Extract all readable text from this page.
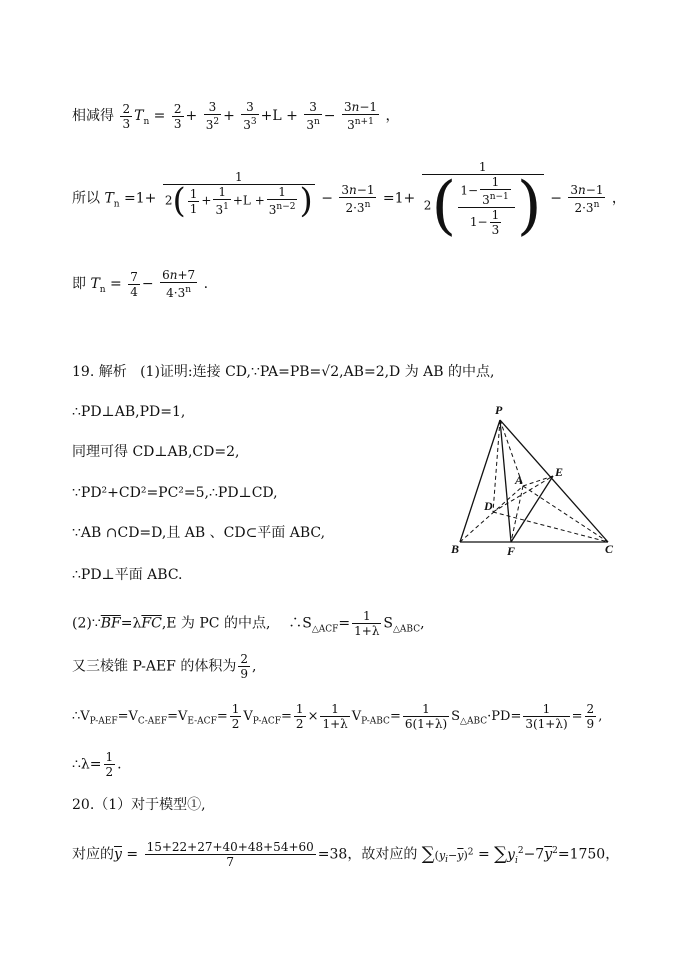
相减得 $\frac{2}{3} T_n = \frac{2}{3} + \frac{3}{3^2} + \frac{3}{3^3} +L + \frac{3}{3^n} - \frac{3n-1}{3^{n+1}}$ ，
所以 $T_n =1+ \frac{1}{2( \frac{1}{1} + \frac{1}{3^1} +L + \frac{1}{3^{n-2}} )} - \frac{3n-1}{2\cdot 3^n} =1+ \frac{1}{2( \frac{1- \frac{1}{3^{n-1}}}{1- \frac{1}{3}} )} - \frac{3n-1}{2\cdot 3^n}$ ，
即 $T_n = \frac{7}{4} - \frac{6n+7}{4\cdot 3^n}$ .
19. 解析 (1)证明:连接 CD,∵PA=PB=√2,AB=2,D 为 AB 的中点,
∴PD⊥AB,PD=1,
同理可得 CD⊥AB,CD=2,
∵PD²+CD²=PC²=5,∴PD⊥CD,
∵AB ∩CD=D,且 AB 、CD⊂平面 ABC,
∴PD⊥平面 ABC.
$(2)\because\overline{BF}=\lambda\overline{FC},E$ 为 PC 的中点, $\therefore S_{\triangle ACF}= \frac{1}{1+\lambda} S_{\triangle ABC}$,
又三棱锥 P-AEF 的体积为 $\frac{2}{9}$ ,
$\therefore V_{P-AEF}=V_{C-AEF}=V_{E-ACF}= \frac{1}{2} V_{P-ACF}= \frac{1}{2} \times \frac{1}{1+\lambda} V_{P-ABC}= \frac{1}{6(1+\lambda)} S_{\triangle ABC}\cdot PD= \frac{1}{3(1+\lambda)} = \frac{2}{9}$ ,
∴λ= $\frac{1}{2}$ .
20.（1）对于模型①,
对应的$\overline{y} = \frac{15+22+27+40+48+54+60}{7} =38$，故对应的 $\sum(y_i-\overline{y})^2 = \sum y_i^2-7\overline{y}^2=1750$，
P
A
E
D
B	F	C
